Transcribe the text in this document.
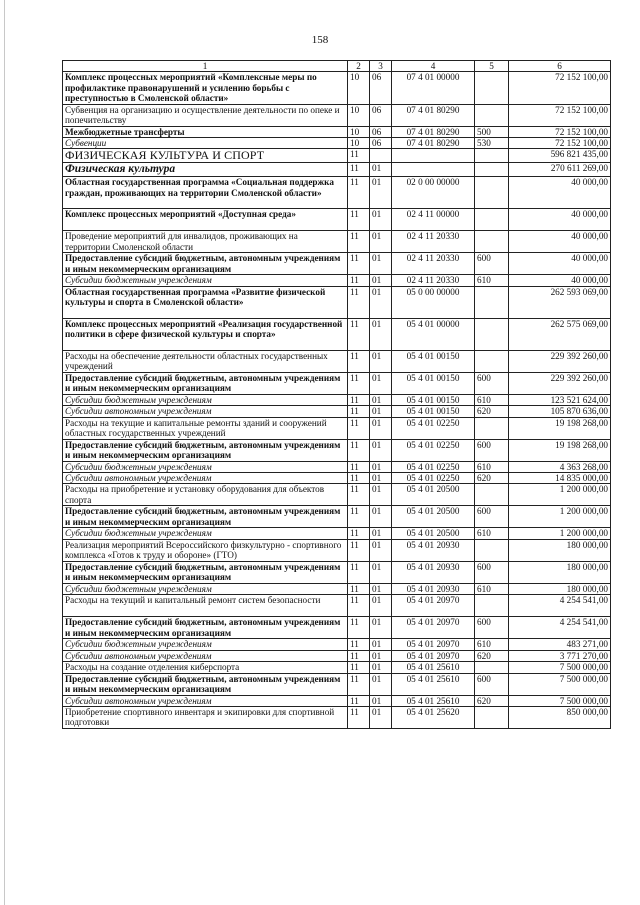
158
1	2	3	4	5	6
Комплекс процессных мероприятий «Комплексные меры по профилактике правонарушений и усилению борьбы с преступностью в Смоленской области»	10	06	07 4 01 00000		72 152 100,00
Субвенция на организацию и осуществление деятельности по опеке и попечительству	10	06	07 4 01 80290		72 152 100,00
Межбюджетные трансферты	10	06	07 4 01 80290	500	72 152 100,00
Субвенции	10	06	07 4 01 80290	530	72 152 100,00
ФИЗИЧЕСКАЯ КУЛЬТУРА И СПОРТ	11				596 821 435,00
Физическая культура	11	01			270 611 269,00
Областная государственная программа «Социальная поддержка граждан, проживающих на территории Смоленской области»	11	01	02 0 00 00000		40 000,00
Комплекс процессных мероприятий «Доступная среда»	11	01	02 4 11 00000		40 000,00
Проведение мероприятий для инвалидов, проживающих на территории Смоленской области	11	01	02 4 11 20330		40 000,00
Предоставление субсидий бюджетным, автономным учреждениям и иным некоммерческим организациям	11	01	02 4 11 20330	600	40 000,00
Субсидии бюджетным учреждениям	11	01	02 4 11 20330	610	40 000,00
Областная государственная программа «Развитие физической культуры и спорта в Смоленской области»	11	01	05 0 00 00000		262 593 069,00
Комплекс процессных мероприятий «Реализация государственной политики в сфере физической культуры и спорта»	11	01	05 4 01 00000		262 575 069,00
Расходы на обеспечение деятельности областных государственных учреждений	11	01	05 4 01 00150		229 392 260,00
Предоставление субсидий бюджетным, автономным учреждениям и иным некоммерческим организациям	11	01	05 4 01 00150	600	229 392 260,00
Субсидии бюджетным учреждениям	11	01	05 4 01 00150	610	123 521 624,00
Субсидии автономным учреждениям	11	01	05 4 01 00150	620	105 870 636,00
Расходы на текущие и капитальные ремонты зданий и сооружений областных государственных учреждений	11	01	05 4 01 02250		19 198 268,00
Предоставление субсидий бюджетным, автономным учреждениям и иным некоммерческим организациям	11	01	05 4 01 02250	600	19 198 268,00
Субсидии бюджетным учреждениям	11	01	05 4 01 02250	610	4 363 268,00
Субсидии автономным учреждениям	11	01	05 4 01 02250	620	14 835 000,00
Расходы на приобретение и установку оборудования для объектов спорта	11	01	05 4 01 20500		1 200 000,00
Предоставление субсидий бюджетным, автономным учреждениям и иным некоммерческим организациям	11	01	05 4 01 20500	600	1 200 000,00
Субсидии бюджетным учреждениям	11	01	05 4 01 20500	610	1 200 000,00
Реализация мероприятий Всероссийского физкультурно - спортивного комплекса «Готов к труду и обороне» (ГТО)	11	01	05 4 01 20930		180 000,00
Предоставление субсидий бюджетным, автономным учреждениям и иным некоммерческим организациям	11	01	05 4 01 20930	600	180 000,00
Субсидии бюджетным учреждениям	11	01	05 4 01 20930	610	180 000,00
Расходы на текущий и капитальный ремонт систем безопасности	11	01	05 4 01 20970		4 254 541,00
Предоставление субсидий бюджетным, автономным учреждениям и иным некоммерческим организациям	11	01	05 4 01 20970	600	4 254 541,00
Субсидии бюджетным учреждениям	11	01	05 4 01 20970	610	483 271,00
Субсидии автономным учреждениям	11	01	05 4 01 20970	620	3 771 270,00
Расходы на создание отделения киберспорта	11	01	05 4 01 25610		7 500 000,00
Предоставление субсидий бюджетным, автономным учреждениям и иным некоммерческим организациям	11	01	05 4 01 25610	600	7 500 000,00
Субсидии автономным учреждениям	11	01	05 4 01 25610	620	7 500 000,00
Приобретение спортивного инвентаря и экипировки для спортивной подготовки	11	01	05 4 01 25620		850 000,00
